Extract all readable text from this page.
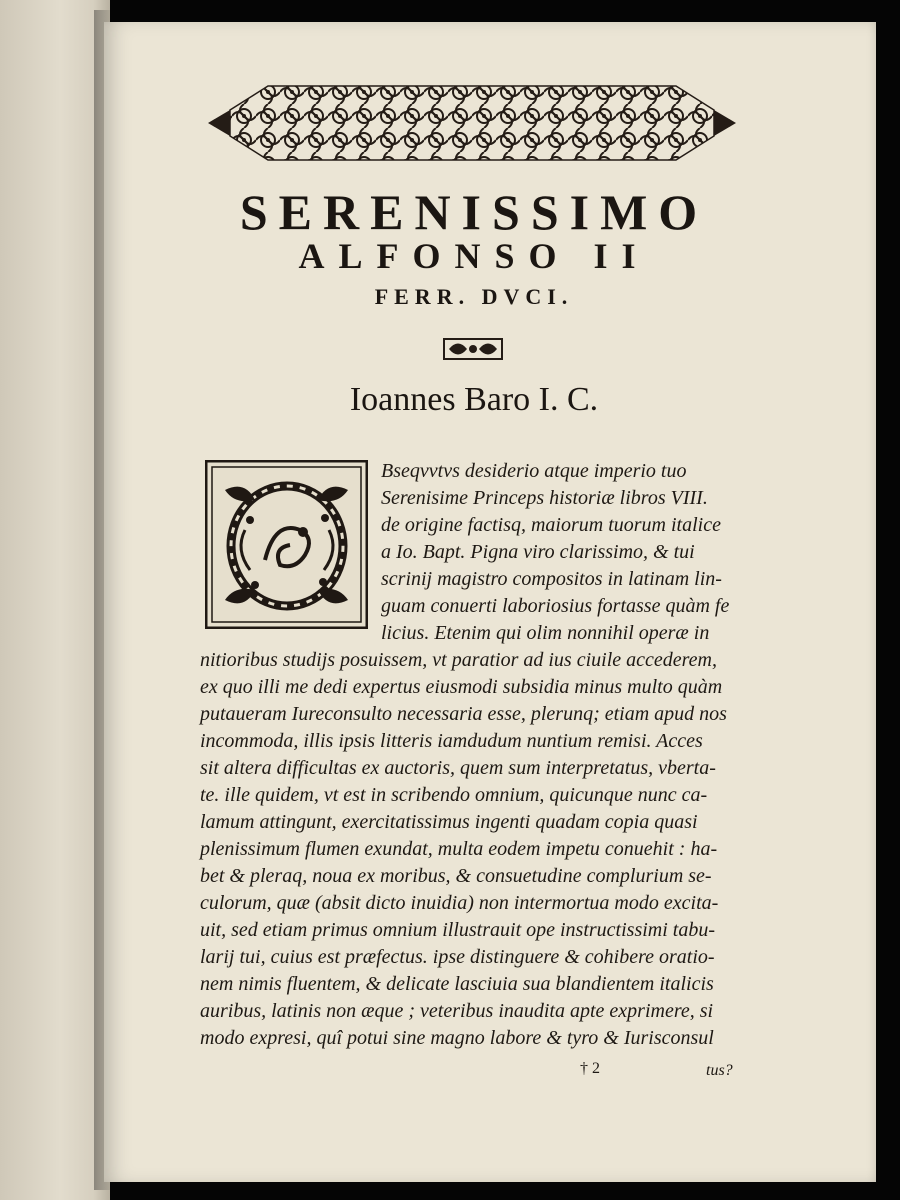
SERENISSIMO
ALFONSO II
FERR. DVCI.
Ioannes Baro I. C.

Bseqvvtvs desiderio atque imperio tuo

Serenisime Princeps historiæ libros VIII.

de origine factisq, maiorum tuorum italice

a Io. Bapt. Pigna viro clarissimo, & tui

scrinij magistro compositos in latinam lin-

guam conuerti laboriosius fortasse quàm fe

licius. Etenim qui olim nonnihil operæ in

nitioribus studijs posuissem, vt paratior ad ius ciuile accederem,

ex quo illi me dedi expertus eiusmodi subsidia minus multo quàm

putaueram Iureconsulto necessaria esse, plerunq; etiam apud nos

incommoda, illis ipsis litteris iamdudum nuntium remisi. Acces

sit altera difficultas ex auctoris, quem sum interpretatus, vberta-

te. ille quidem, vt est in scribendo omnium, quicunque nunc ca-

lamum attingunt, exercitatissimus ingenti quadam copia quasi

plenissimum flumen exundat, multa eodem impetu conuehit : ha-

bet & pleraq, noua ex moribus, & consuetudine complurium se-

culorum, quæ (absit dicto inuidia) non intermortua modo excita-

uit, sed etiam primus omnium illustrauit ope instructissimi tabu-

larij tui, cuius est præfectus. ipse distinguere & cohibere oratio-

nem nimis fluentem, & delicate lasciuia sua blandientem italicis

auribus, latinis non æque ; veteribus inaudita apte exprimere, si

modo expresi, quî potui sine magno labore & tyro & Iurisconsul

† 2	tus?
